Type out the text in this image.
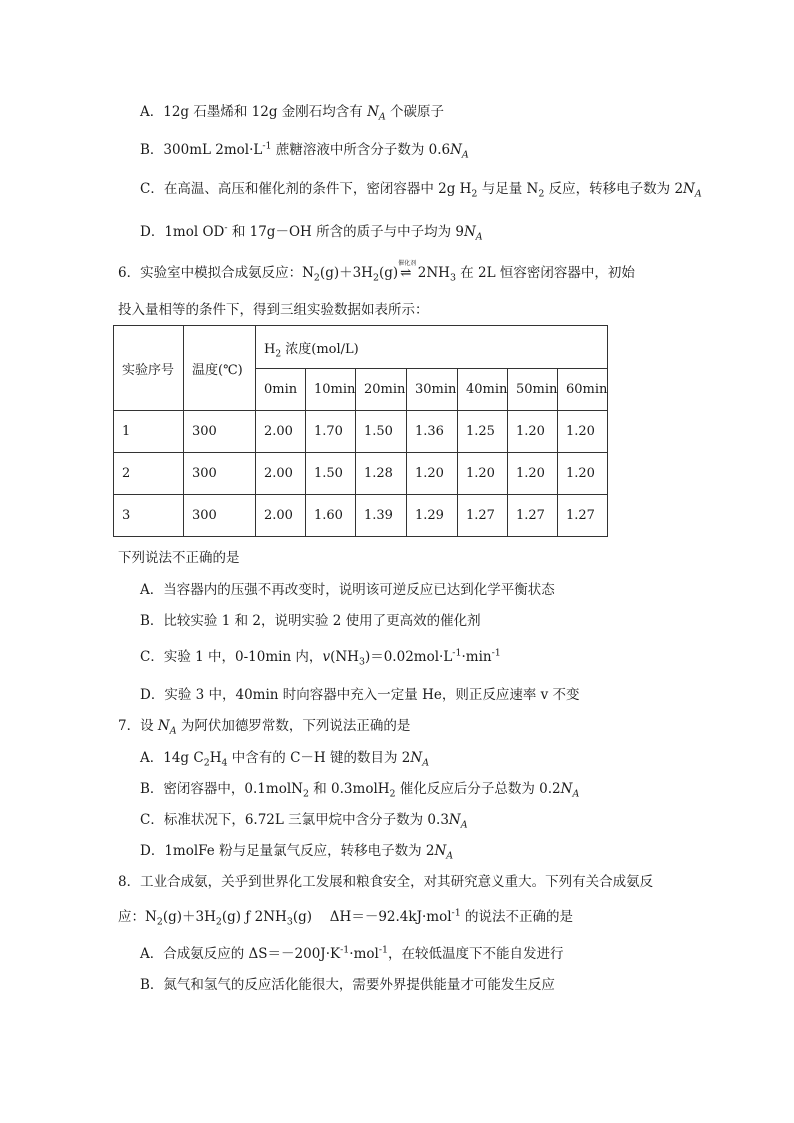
A．12g 石墨烯和 12g 金刚石均含有 $N_A$ 个碳原子
B．300mL $2mol\cdot L^{-1}$ 蔗糖溶液中所含分子数为 $0.6N_A$
C．在高温、高压和催化剂的条件下，密闭容器中 2g $H_2$ 与足量 $N_2$ 反应，转移电子数为 $2N_A$
D．1mol OD- 和 17g－OH 所含的质子与中子均为 $9N_A$
6．实验室中模拟合成氨反应：$N_2(g)+3H_2(g)$
催化剂
⇌ $2NH_3$ 在 2L 恒容密闭容器中，初始
投入量相等的条件下，得到三组实验数据如表所示：
实验序号	温度(℃)	$H_2$ 浓度(mol/L)						
		0min	10min	20min	30min	40min	50min	60min
1	300	2.00	1.70	1.50	1.36	1.25	1.20	1.20
2	300	2.00	1.50	1.28	1.20	1.20	1.20	1.20
3	300	2.00	1.60	1.39	1.29	1.27	1.27	1.27
下列说法不正确的是
A．当容器内的压强不再改变时，说明该可逆反应已达到化学平衡状态
B．比较实验 1 和 2，说明实验 2 使用了更高效的催化剂
C．实验 1 中，0-10min 内，$v(NH_3)=0.02mol\cdot L^{-1}\cdot\min^{-1}$
D．实验 3 中，40min 时向容器中充入一定量 He，则正反应速率 v 不变
7．设 $N_A$ 为阿伏加德罗常数，下列说法正确的是
A．14g $C_2H_4$ 中含有的 C－H 键的数目为 $2N_A$
B．密闭容器中，0.1molN$_2$ 和 0.3molH$_2$ 催化反应后分子总数为 $0.2N_A$
C．标准状况下，6.72L 三氯甲烷中含分子数为 $0.3N_A$
D．1molFe 粉与足量氯气反应，转移电子数为 $2N_A$
8．工业合成氨，关乎到世界化工发展和粮食安全，对其研究意义重大。下列有关合成氨反
应：$N_2(g)+3H_2(g)$ ƒ $2NH_3(g)$　 ΔH＝－92.4kJ·mol$^{-1}$ 的说法不正确的是
A．合成氨反应的 $\Delta S=-200J\cdot K^{-1}\cdot mol^{-1}$，在较低温度下不能自发进行
B．氮气和氢气的反应活化能很大，需要外界提供能量才可能发生反应
